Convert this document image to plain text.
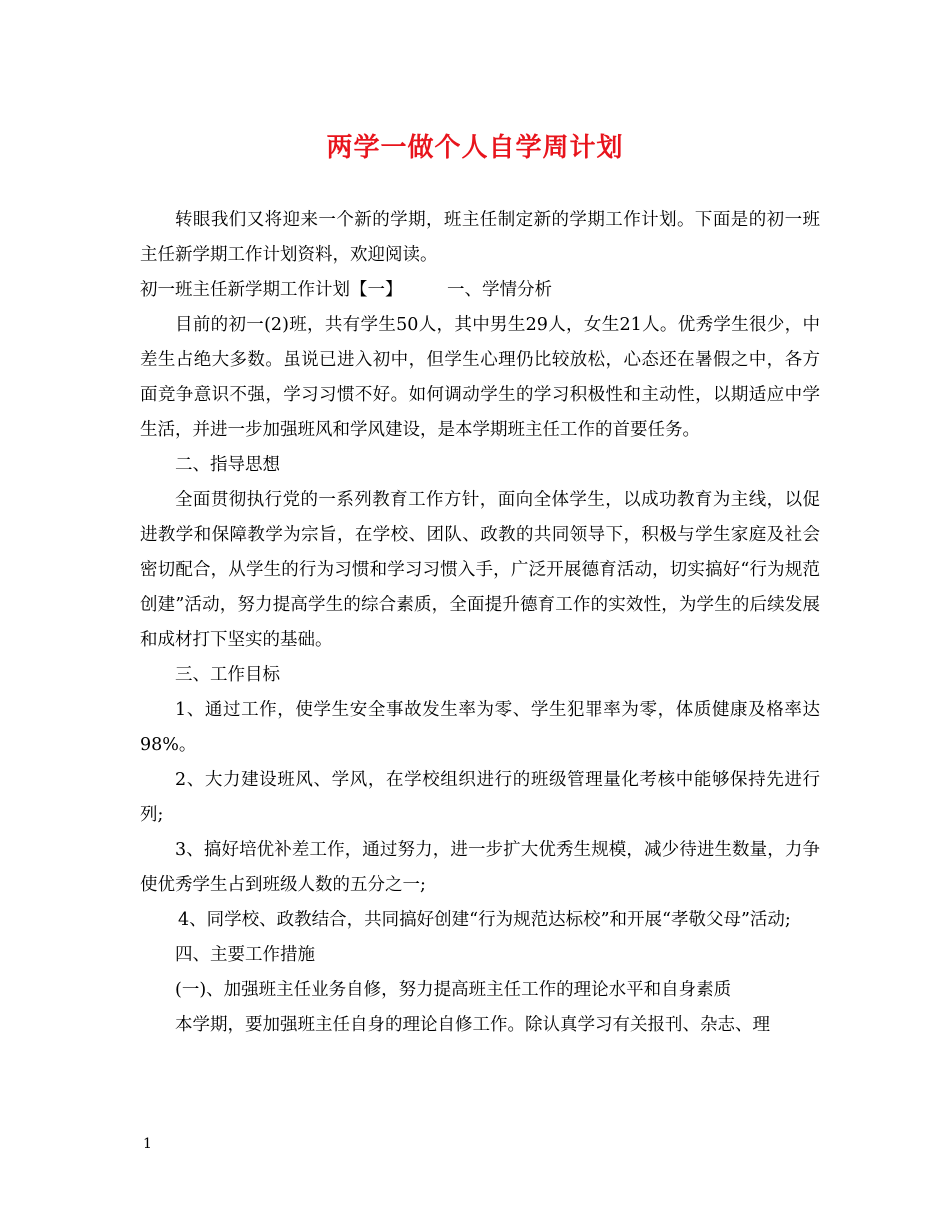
两学一做个人自学周计划

转眼我们又将迎来一个新的学期，班主任制定新的学期工作计划。下面是的初一班主任新学期工作计划资料，欢迎阅读。

初一班主任新学期工作计划【一】        一、学情分析

目前的初一(2)班，共有学生50人，其中男生29人，女生21人。优秀学生很少，中差生占绝大多数。虽说已进入初中，但学生心理仍比较放松，心态还在暑假之中，各方面竞争意识不强，学习习惯不好。如何调动学生的学习积极性和主动性，以期适应中学生活，并进一步加强班风和学风建设，是本学期班主任工作的首要任务。

二、指导思想

全面贯彻执行党的一系列教育工作方针，面向全体学生，以成功教育为主线，以促进教学和保障教学为宗旨，在学校、团队、政教的共同领导下，积极与学生家庭及社会密切配合，从学生的行为习惯和学习习惯入手，广泛开展德育活动，切实搞好“行为规范创建”活动，努力提高学生的综合素质，全面提升德育工作的实效性，为学生的后续发展和成材打下坚实的基础。

三、工作目标

1、通过工作，使学生安全事故发生率为零、学生犯罪率为零，体质健康及格率达98%。

2、大力建设班风、学风，在学校组织进行的班级管理量化考核中能够保持先进行列;

3、搞好培优补差工作，通过努力，进一步扩大优秀生规模，减少待进生数量，力争使优秀学生占到班级人数的五分之一;

4、同学校、政教结合，共同搞好创建“行为规范达标校”和开展“孝敬父母”活动;

四、主要工作措施

(一)、加强班主任业务自修，努力提高班主任工作的理论水平和自身素质

本学期，要加强班主任自身的理论自修工作。除认真学习有关报刊、杂志、理

1
